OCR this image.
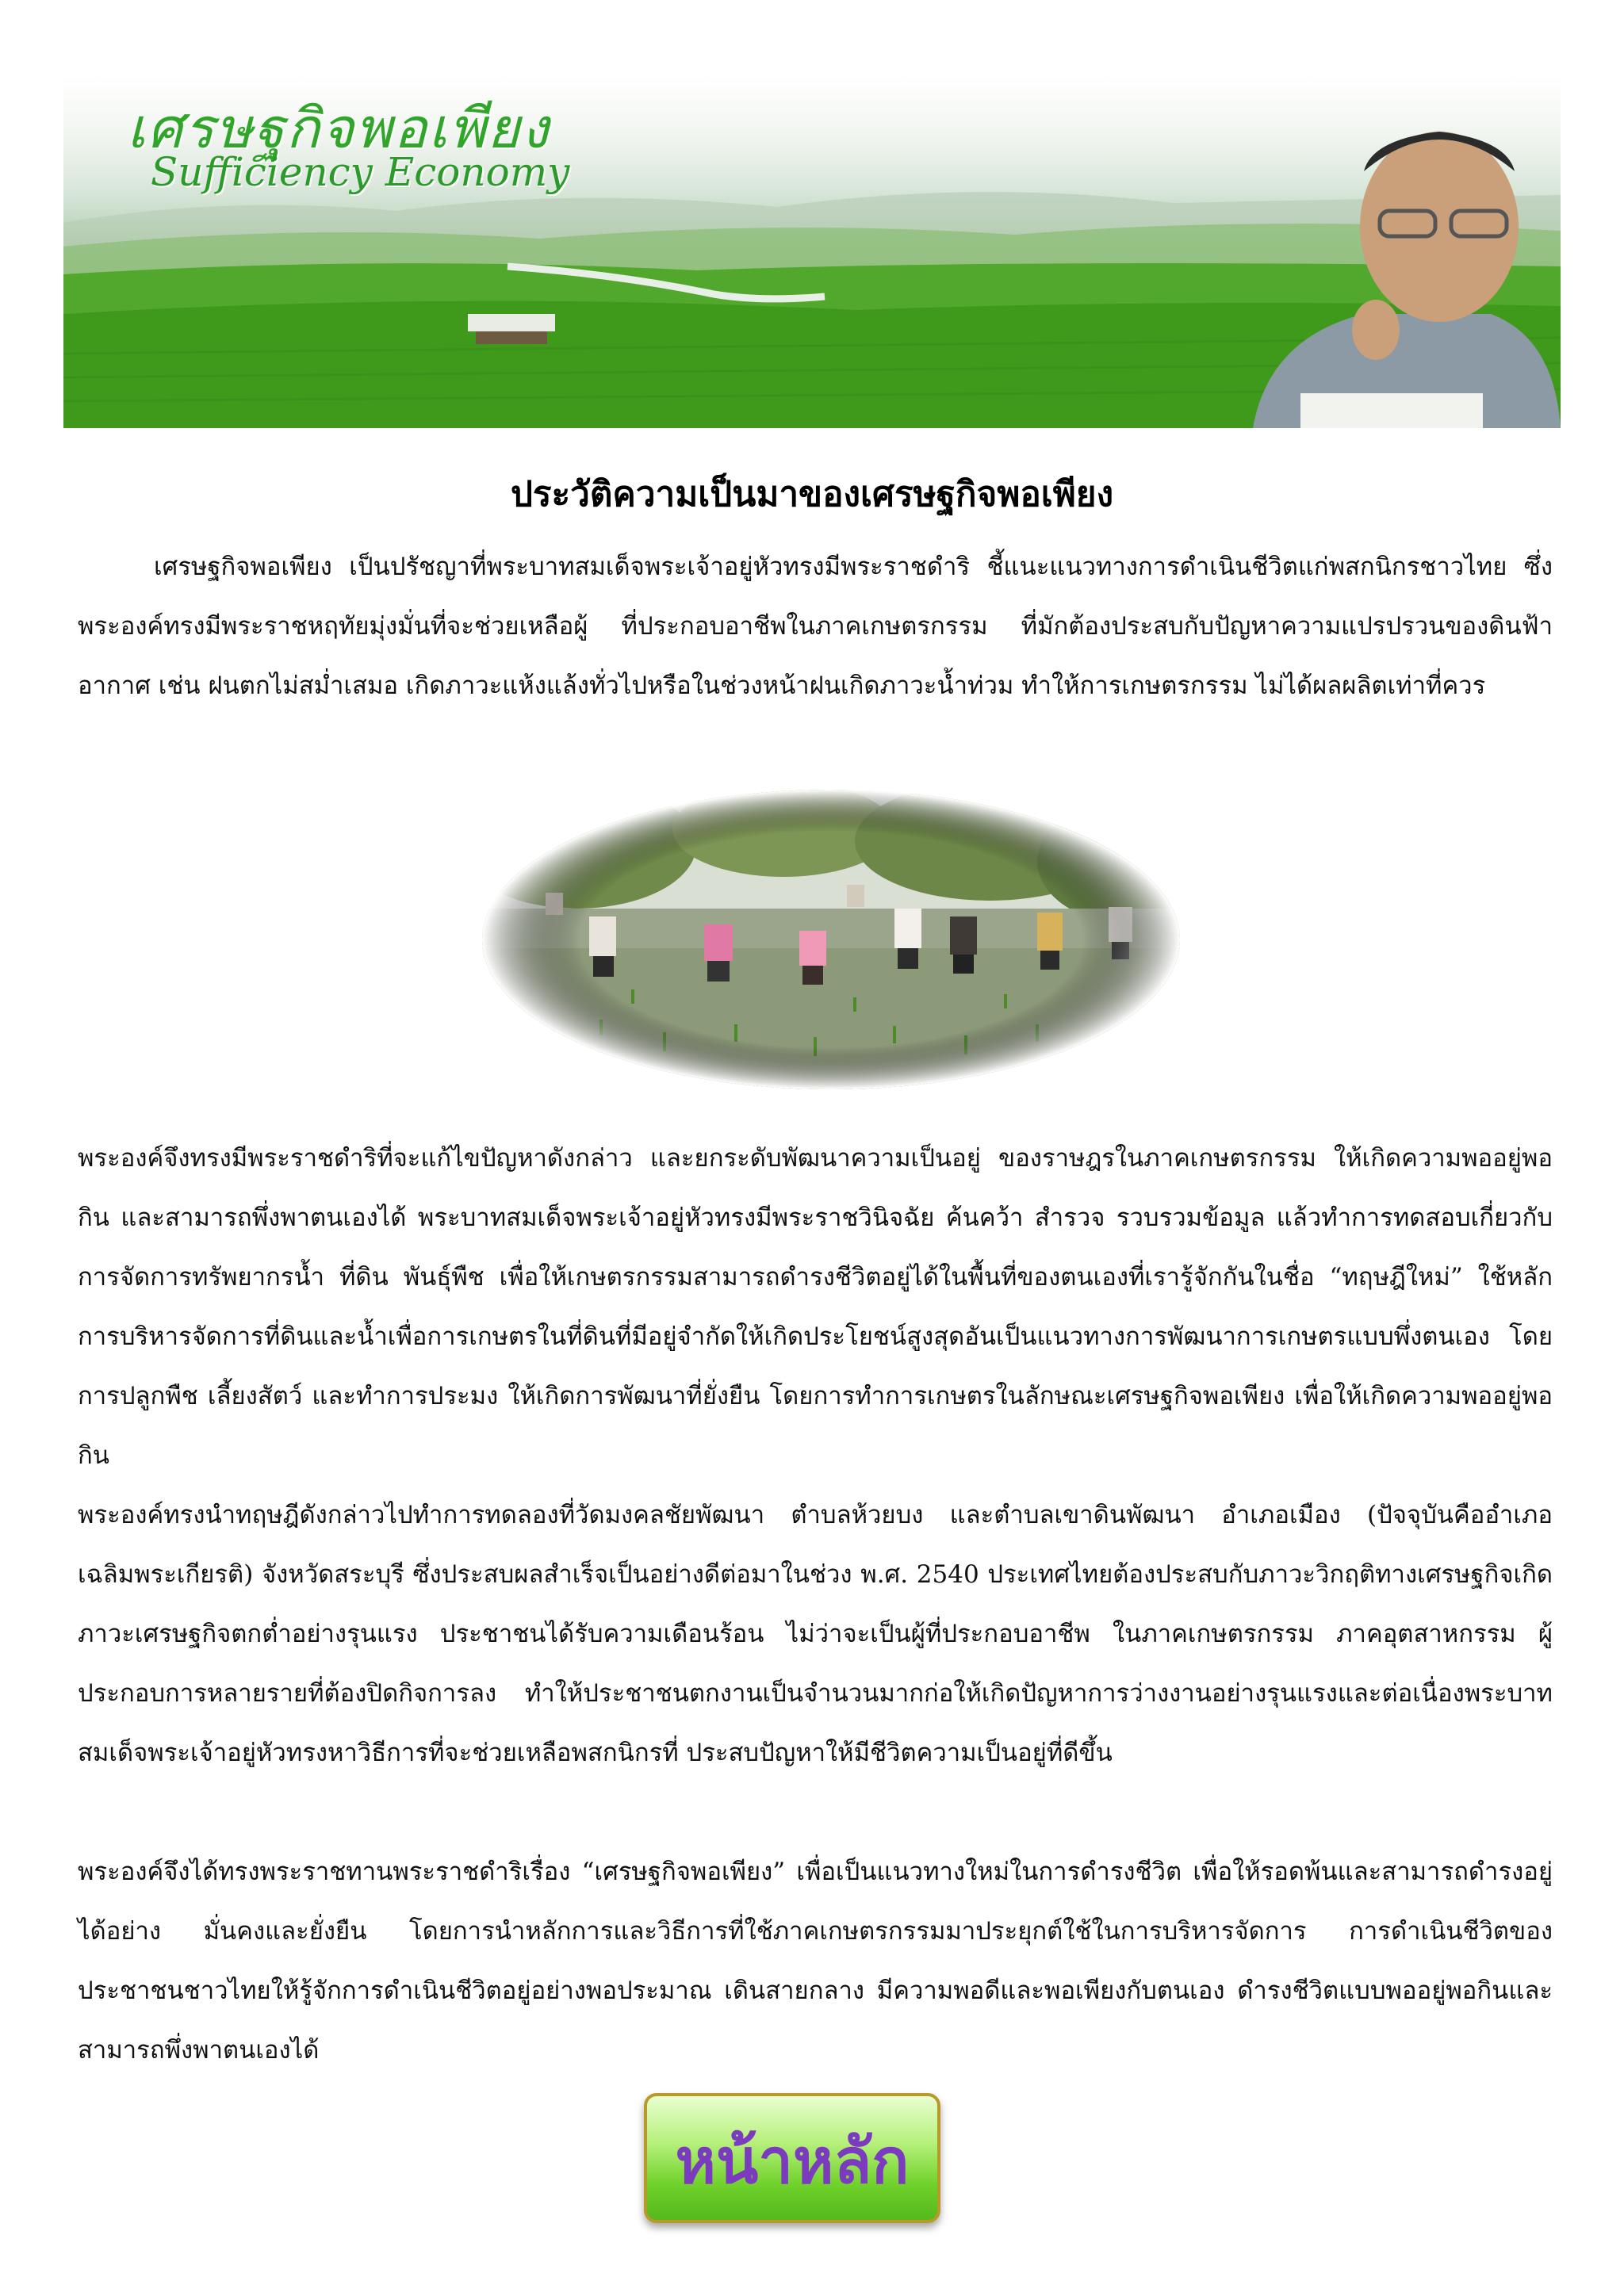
เศรษฐกิจพอเพียง
Sufficiency Economy
ประวัติความเป็นมาของเศรษฐกิจพอเพียง
เศรษฐกิจพอเพียง เป็นปรัชญาที่พระบาทสมเด็จพระเจ้าอยู่หัวทรงมีพระราชดำริ ชี้แนะแนวทางการดำเนินชีวิตแก่พสกนิกรชาวไทย ซึ่งพระองค์ทรงมีพระราชหฤทัยมุ่งมั่นที่จะช่วยเหลือผู้ ที่ประกอบอาชีพในภาคเกษตรกรรม ที่มักต้องประสบกับปัญหาความแปรปรวนของดินฟ้าอากาศ เช่น ฝนตกไม่สม่ำเสมอ เกิดภาวะแห้งแล้งทั่วไปหรือในช่วงหน้าฝนเกิดภาวะน้ำท่วม ทำให้การเกษตรกรรม ไม่ได้ผลผลิตเท่าที่ควร
พระองค์จึงทรงมีพระราชดำริที่จะแก้ไขปัญหาดังกล่าว และยกระดับพัฒนาความเป็นอยู่ ของราษฎรในภาคเกษตรกรรม ให้เกิดความพออยู่พอกิน และสามารถพึ่งพาตนเองได้ พระบาทสมเด็จพระเจ้าอยู่หัวทรงมีพระราชวินิจฉัย ค้นคว้า สำรวจ รวบรวมข้อมูล แล้วทำการทดสอบเกี่ยวกับการจัดการทรัพยากรน้ำ ที่ดิน พันธุ์พืช เพื่อให้เกษตรกรรมสามารถดำรงชีวิตอยู่ได้ในพื้นที่ของตนเองที่เรารู้จักกันในชื่อ “ทฤษฎีใหม่” ใช้หลักการบริหารจัดการที่ดินและน้ำเพื่อการเกษตรในที่ดินที่มีอยู่จำกัดให้เกิดประโยชน์สูงสุดอันเป็นแนวทางการพัฒนาการเกษตรแบบพึ่งตนเอง โดยการปลูกพืช เลี้ยงสัตว์ และทำการประมง ให้เกิดการพัฒนาที่ยั่งยืน โดยการทำการเกษตรในลักษณะเศรษฐกิจพอเพียง เพื่อให้เกิดความพออยู่พอกิน
พระองค์ทรงนำทฤษฎีดังกล่าวไปทำการทดลองที่วัดมงคลชัยพัฒนา ตำบลห้วยบง และตำบลเขาดินพัฒนา อำเภอเมือง (ปัจจุบันคืออำเภอเฉลิมพระเกียรติ) จังหวัดสระบุรี ซึ่งประสบผลสำเร็จเป็นอย่างดีต่อมาในช่วง พ.ศ. 2540 ประเทศไทยต้องประสบกับภาวะวิกฤติทางเศรษฐกิจเกิด ภาวะเศรษฐกิจตกต่ำอย่างรุนแรง ประชาชนได้รับความเดือนร้อน ไม่ว่าจะเป็นผู้ที่ประกอบอาชีพ ในภาคเกษตรกรรม ภาคอุตสาหกรรม ผู้ประกอบการหลายรายที่ต้องปิดกิจการลง ทำให้ประชาชนตกงานเป็นจำนวนมากก่อให้เกิดปัญหาการว่างงานอย่างรุนแรงและต่อเนื่องพระบาทสมเด็จพระเจ้าอยู่หัวทรงหาวิธีการที่จะช่วยเหลือพสกนิกรที่ ประสบปัญหาให้มีชีวิตความเป็นอยู่ที่ดีขึ้น
พระองค์จึงได้ทรงพระราชทานพระราชดำริเรื่อง “เศรษฐกิจพอเพียง” เพื่อเป็นแนวทางใหม่ในการดำรงชีวิต เพื่อให้รอดพ้นและสามารถดำรงอยู่ได้อย่าง มั่นคงและยั่งยืน โดยการนำหลักการและวิธีการที่ใช้ภาคเกษตรกรรมมาประยุกต์ใช้ในการบริหารจัดการ การดำเนินชีวิตของประชาชนชาวไทยให้รู้จักการดำเนินชีวิตอยู่อย่างพอประมาณ เดินสายกลาง มีความพอดีและพอเพียงกับตนเอง ดำรงชีวิตแบบพออยู่พอกินและสามารถพึ่งพาตนเองได้
หน้าหลัก
